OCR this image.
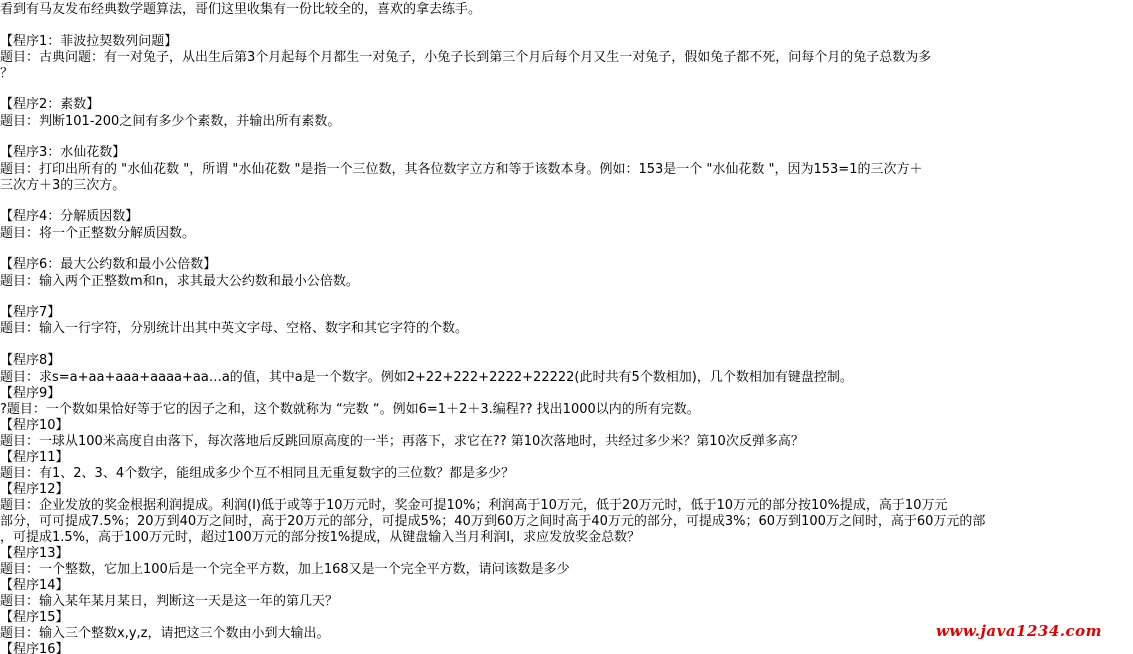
看到有马友发布经典数学题算法，哥们这里收集有一份比较全的，喜欢的拿去练手。
【程序1：菲波拉契数列问题】
题目：古典问题：有一对兔子，从出生后第3个月起每个月都生一对兔子，小兔子长到第三个月后每个月又生一对兔子，假如兔子都不死，问每个月的兔子总数为多
？
【程序2：素数】
题目：判断101-200之间有多少个素数，并输出所有素数。
【程序3：水仙花数】
题目：打印出所有的 "水仙花数 "，所谓 "水仙花数 "是指一个三位数，其各位数字立方和等于该数本身。例如：153是一个 "水仙花数 "，因为153=1的三次方＋
三次方＋3的三次方。
【程序4：分解质因数】
题目：将一个正整数分解质因数。
【程序6：最大公约数和最小公倍数】
题目：输入两个正整数m和n，求其最大公约数和最小公倍数。
【程序7】
题目：输入一行字符，分别统计出其中英文字母、空格、数字和其它字符的个数。
【程序8】
题目：求s=a+aa+aaa+aaaa+aa…a的值，其中a是一个数字。例如2+22+222+2222+22222(此时共有5个数相加)，几个数相加有键盘控制。
【程序9】
?题目：一个数如果恰好等于它的因子之和，这个数就称为 “完数 “。例如6=1＋2＋3.编程?? 找出1000以内的所有完数。
【程序10】
题目：一球从100米高度自由落下，每次落地后反跳回原高度的一半；再落下，求它在?? 第10次落地时，共经过多少米？第10次反弹多高？
【程序11】
题目：有1、2、3、4个数字，能组成多少个互不相同且无重复数字的三位数？都是多少？
【程序12】
题目：企业发放的奖金根据利润提成。利润(I)低于或等于10万元时，奖金可提10%；利润高于10万元，低于20万元时，低于10万元的部分按10%提成，高于10万元
部分，可可提成7.5%；20万到40万之间时，高于20万元的部分，可提成5%；40万到60万之间时高于40万元的部分，可提成3%；60万到100万之间时，高于60万元的部
，可提成1.5%，高于100万元时，超过100万元的部分按1%提成，从键盘输入当月利润I，求应发放奖金总数？
【程序13】
题目：一个整数，它加上100后是一个完全平方数，加上168又是一个完全平方数，请问该数是多少
【程序14】
题目：输入某年某月某日，判断这一天是这一年的第几天？
【程序15】
题目：输入三个整数x,y,z，请把这三个数由小到大输出。
【程序16】
www.java1234.com
